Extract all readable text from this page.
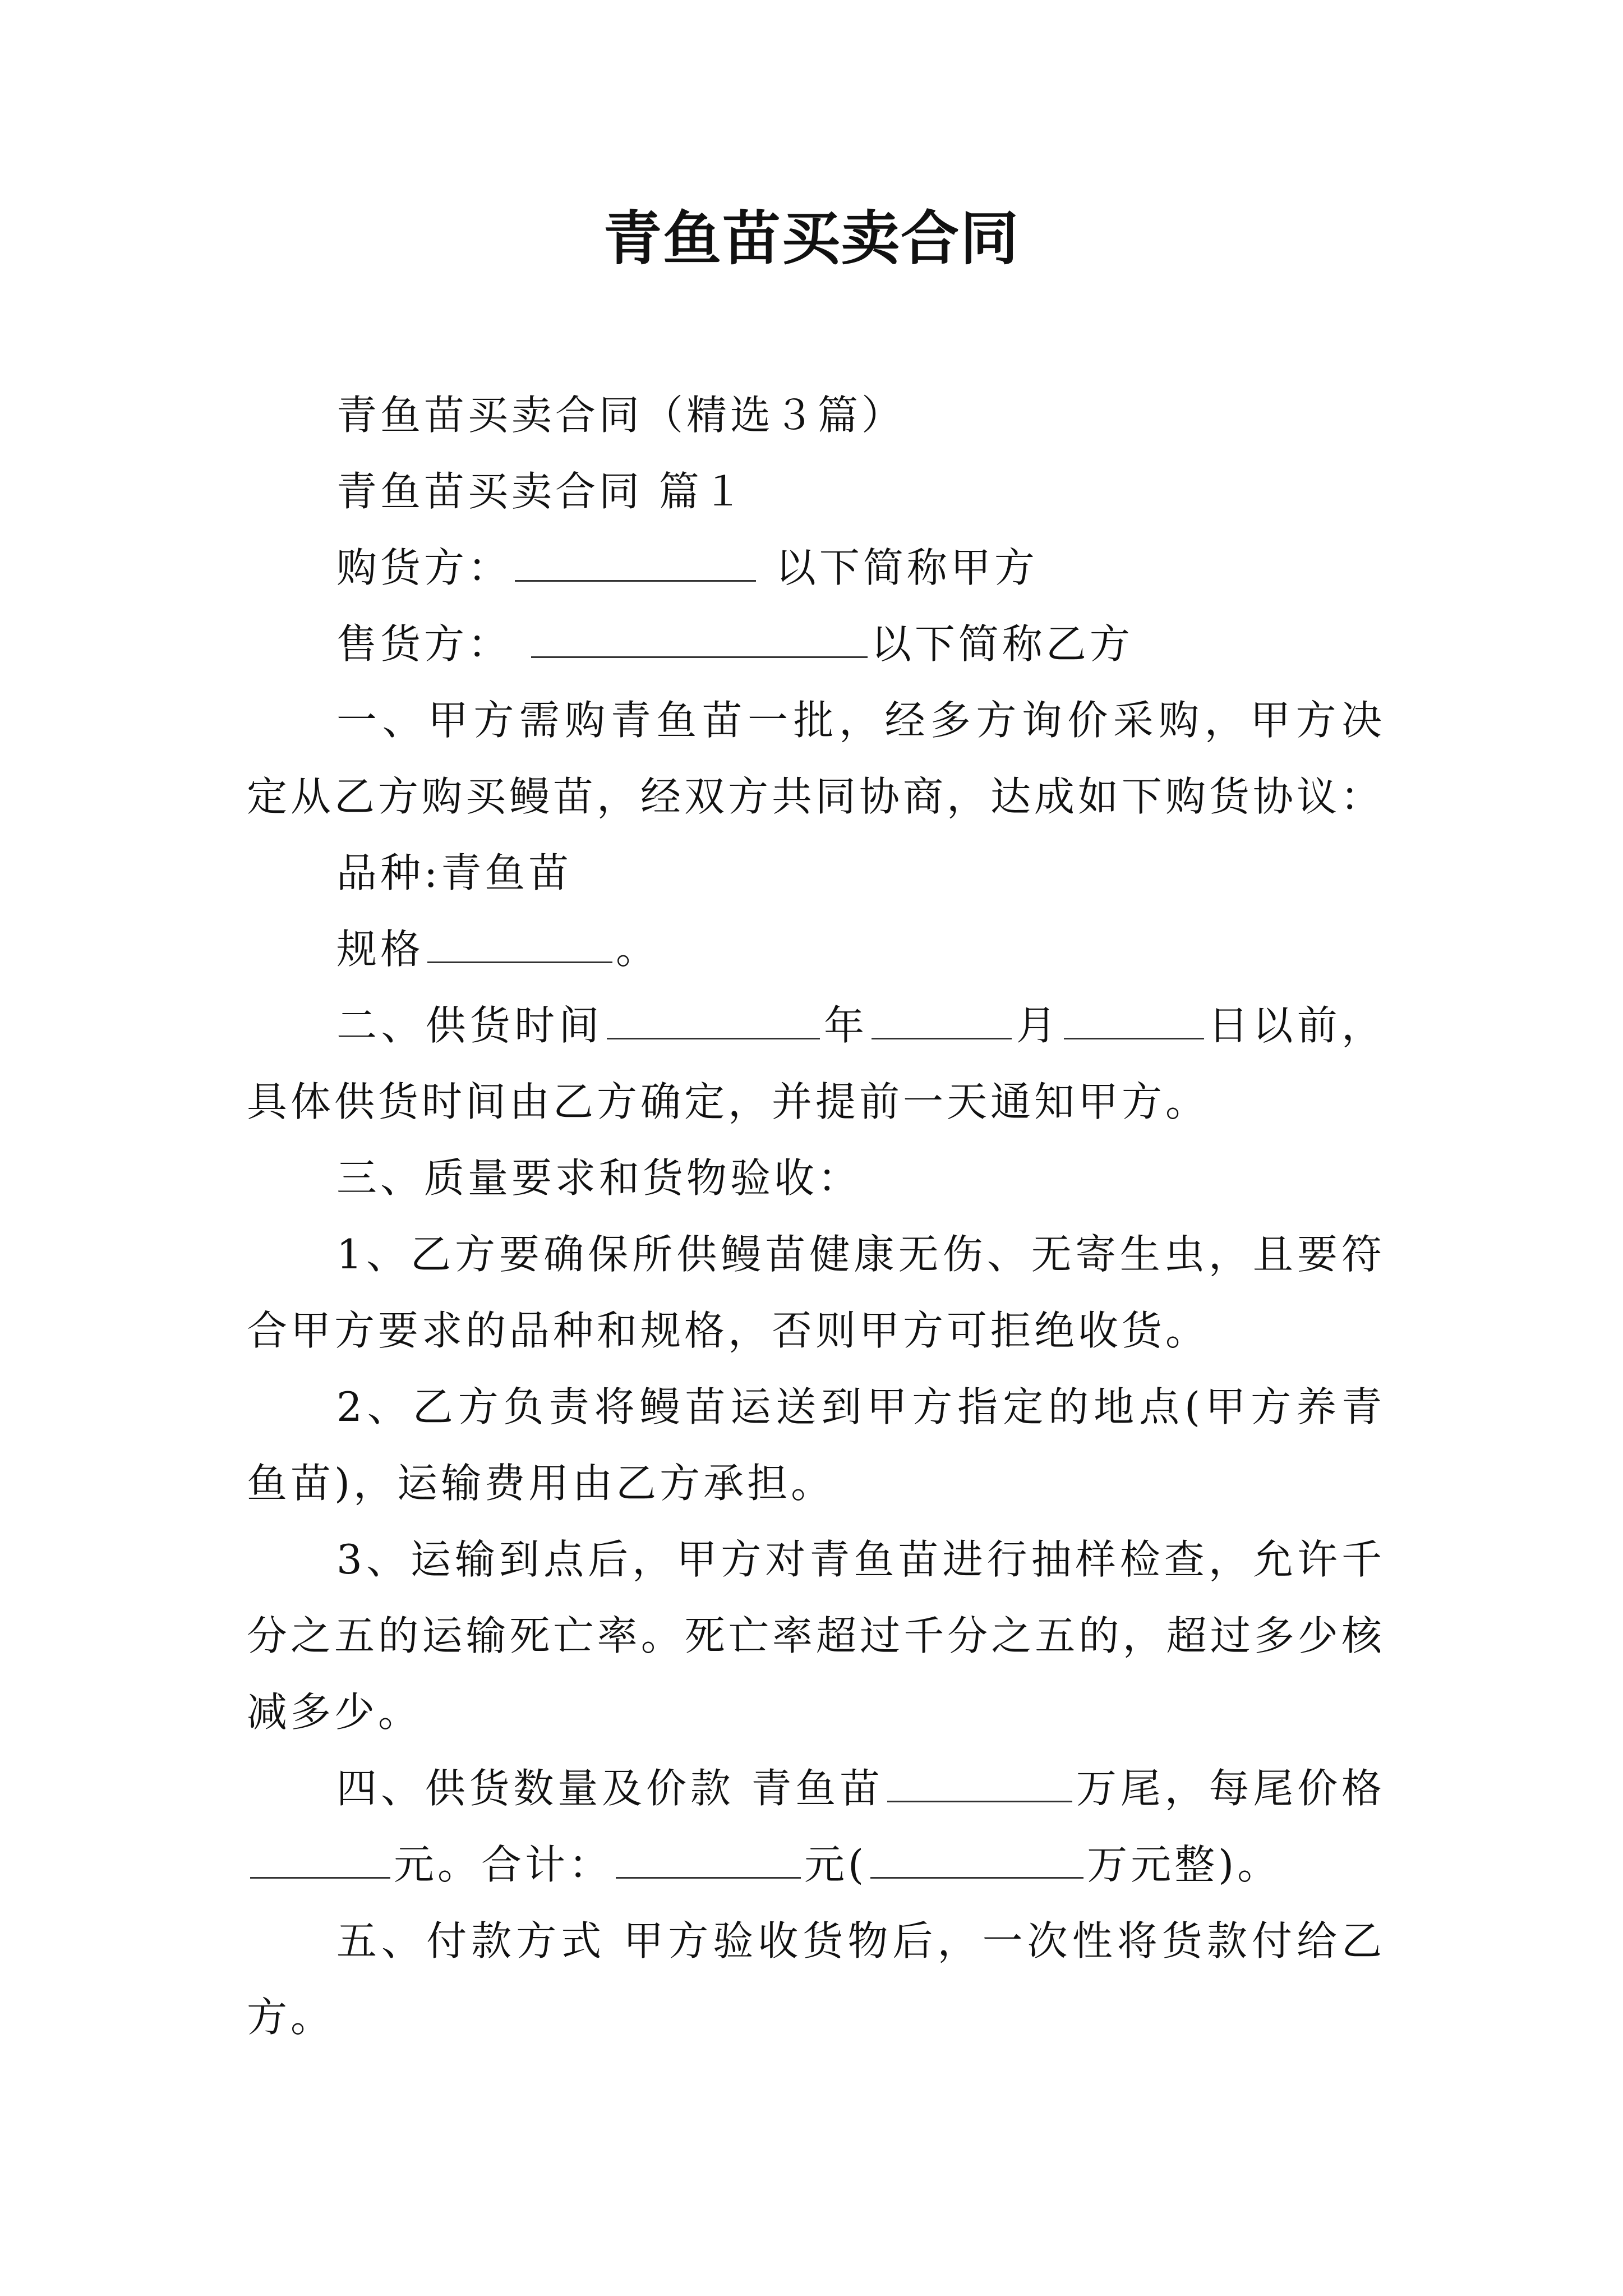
青鱼苗买卖合同

青鱼苗买卖合同（精选３篇）

青鱼苗买卖合同 篇１

购货方：	以下简称甲方

售货方：	以下简称乙方

一、甲方需购青鱼苗一批，经多方询价采购，甲方决定从乙方购买鳗苗，经双方共同协商，达成如下购货协议：

品种:青鱼苗

规格	。

二、供货时间	年	月	日以前，具体供货时间由乙方确定，并提前一天通知甲方。

三、质量要求和货物验收：

1、乙方要确保所供鳗苗健康无伤、无寄生虫，且要符合甲方要求的品种和规格，否则甲方可拒绝收货。

2、乙方负责将鳗苗运送到甲方指定的地点(甲方养青鱼苗)，运输费用由乙方承担。

3、运输到点后，甲方对青鱼苗进行抽样检查，允许千分之五的运输死亡率。死亡率超过千分之五的，超过多少核减多少。

四、供货数量及价款 青鱼苗	万尾，每尾价格元。合计：	元(	万元整)。

五、付款方式 甲方验收货物后，一次性将货款付给乙方。
